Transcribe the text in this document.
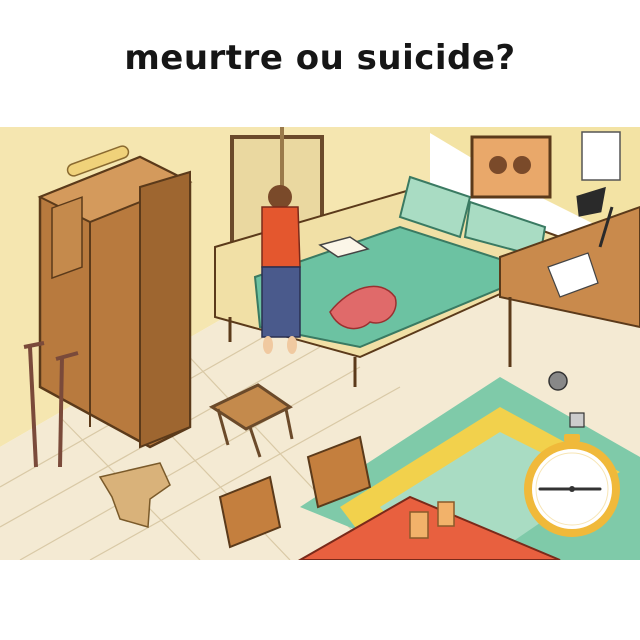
meurtre ou suicide?
